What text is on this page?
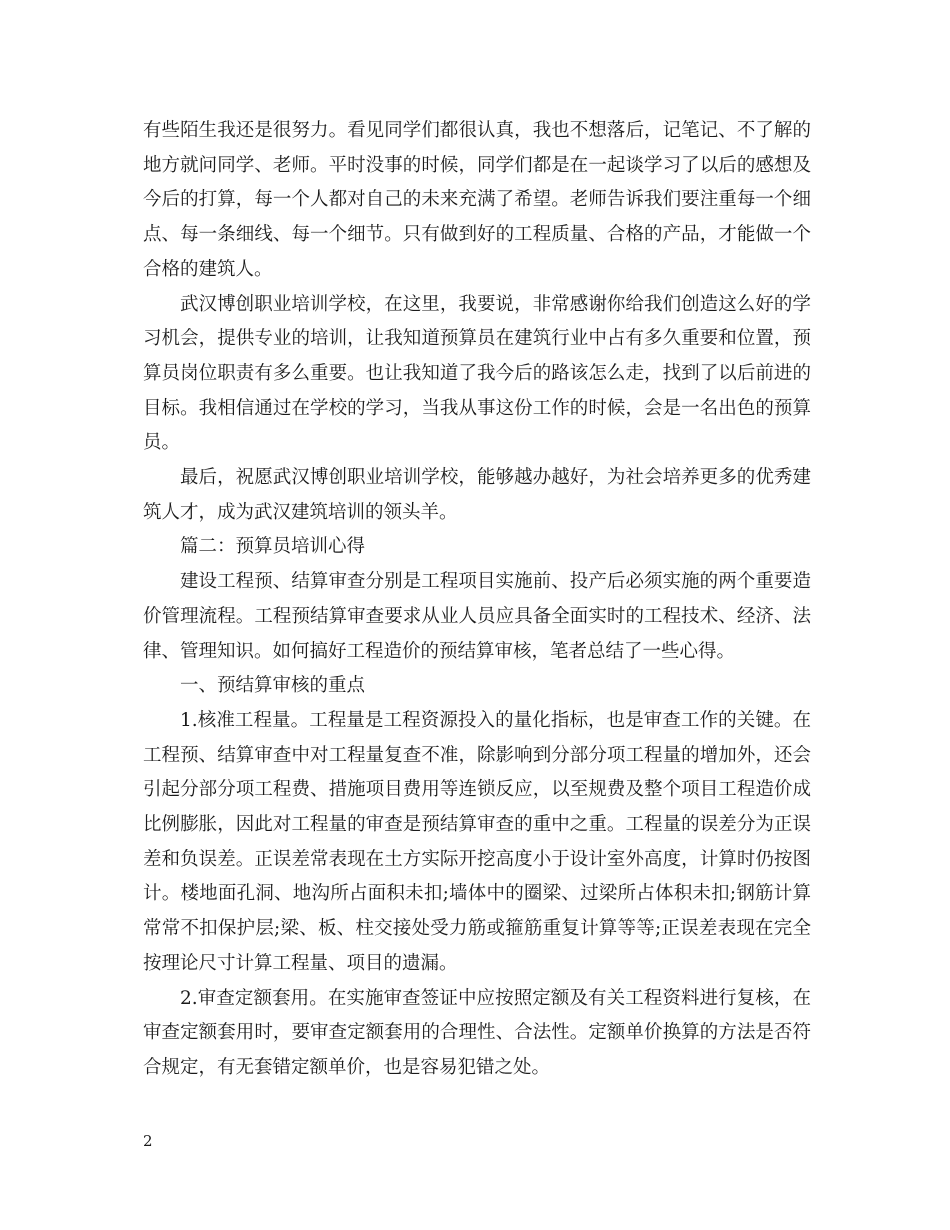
有些陌生我还是很努力。看见同学们都很认真，我也不想落后，记笔记、不了解的地方就问同学、老师。平时没事的时候，同学们都是在一起谈学习了以后的感想及今后的打算，每一个人都对自己的未来充满了希望。老师告诉我们要注重每一个细点、每一条细线、每一个细节。只有做到好的工程质量、合格的产品，才能做一个合格的建筑人。

武汉博创职业培训学校，在这里，我要说，非常感谢你给我们创造这么好的学习机会，提供专业的培训，让我知道预算员在建筑行业中占有多久重要和位置，预算员岗位职责有多么重要。也让我知道了我今后的路该怎么走，找到了以后前进的目标。我相信通过在学校的学习，当我从事这份工作的时候，会是一名出色的预算员。

最后，祝愿武汉博创职业培训学校，能够越办越好，为社会培养更多的优秀建筑人才，成为武汉建筑培训的领头羊。

篇二：预算员培训心得

建设工程预、结算审查分别是工程项目实施前、投产后必须实施的两个重要造价管理流程。工程预结算审查要求从业人员应具备全面实时的工程技术、经济、法律、管理知识。如何搞好工程造价的预结算审核，笔者总结了一些心得。

一、预结算审核的重点

1.核准工程量。工程量是工程资源投入的量化指标，也是审查工作的关键。在工程预、结算审查中对工程量复查不准，除影响到分部分项工程量的增加外，还会引起分部分项工程费、措施项目费用等连锁反应，以至规费及整个项目工程造价成比例膨胀，因此对工程量的审查是预结算审查的重中之重。工程量的误差分为正误差和负误差。正误差常表现在土方实际开挖高度小于设计室外高度，计算时仍按图计。楼地面孔洞、地沟所占面积未扣;墙体中的圈梁、过梁所占体积未扣;钢筋计算常常不扣保护层;梁、板、柱交接处受力筋或箍筋重复计算等等;正误差表现在完全按理论尺寸计算工程量、项目的遗漏。

2.审查定额套用。在实施审查签证中应按照定额及有关工程资料进行复核，在审查定额套用时，要审查定额套用的合理性、合法性。定额单价换算的方法是否符合规定，有无套错定额单价，也是容易犯错之处。

2
